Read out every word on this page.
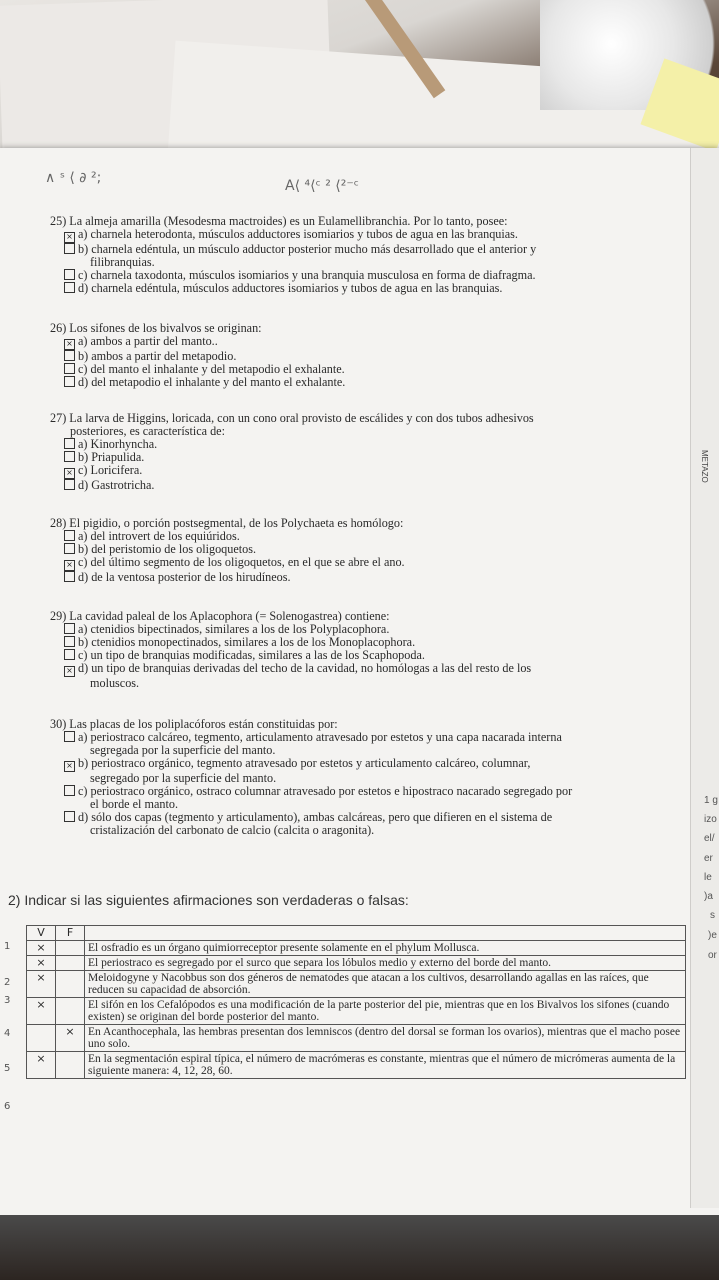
METAZO
∧ ˢ ⟨ ∂ ²;	A⟨ ⁴⟨ᶜ ² ⟨²⁻ᶜ
25) La almeja amarilla (Mesodesma mactroides) es un Eulamellibranchia. Por lo tanto, posee:
× a) charnela heterodonta, músculos adductores isomiarios y tubos de agua en las branquias.
b) charnela edéntula, un músculo adductor posterior mucho más desarrollado que el anterior y
filibranquias.
c) charnela taxodonta, músculos isomiarios y una branquia musculosa en forma de diafragma.
d) charnela edéntula, músculos adductores isomiarios y tubos de agua en las branquias.
26) Los sifones de los bivalvos se originan:
× a) ambos a partir del manto..
b) ambos a partir del metapodio.
c) del manto el inhalante y del metapodio el exhalante.
d) del metapodio el inhalante y del manto el exhalante.
27) La larva de Higgins, loricada, con un cono oral provisto de escálides y con dos tubos adhesivos
posteriores, es característica de:
a) Kinorhyncha.
b) Priapulida.
× c) Loricifera.
d) Gastrotricha.
28) El pigidio, o porción postsegmental, de los Polychaeta es homólogo:
a) del introvert de los equiúridos.
b) del peristomio de los oligoquetos.
× c) del último segmento de los oligoquetos, en el que se abre el ano.
d) de la ventosa posterior de los hirudíneos.
29) La cavidad paleal de los Aplacophora (= Solenogastrea) contiene:
a) ctenidios bipectinados, similares a los de los Polyplacophora.
b) ctenidios monopectinados, similares a los de los Monoplacophora.
c) un tipo de branquias modificadas, similares a las de los Scaphopoda.
× d) un tipo de branquias derivadas del techo de la cavidad, no homólogas a las del resto de los
moluscos.
30) Las placas de los poliplacóforos están constituidas por:
a) periostraco calcáreo, tegmento, articulamento atravesado por estetos y una capa nacarada interna
segregada por la superficie del manto.
× b) periostraco orgánico, tegmento atravesado por estetos y articulamento calcáreo, columnar,
segregado por la superficie del manto.
c) periostraco orgánico, ostraco columnar atravesado por estetos e hipostraco nacarado segregado por
el borde el manto.
d) sólo dos capas (tegmento y articulamento), ambas calcáreas, pero que difieren en el sistema de
cristalización del carbonato de calcio (calcita o aragonita).
2) Indicar si las siguientes afirmaciones son verdaderas o falsas:
V	F	
×		El osfradio es un órgano quimiorreceptor presente solamente en el phylum Mollusca.
×		El periostraco es segregado por el surco que separa los lóbulos medio y externo del borde del manto.
×		Meloidogyne y Nacobbus son dos géneros de nematodes que atacan a los cultivos, desarrollando agallas en las raíces, que reducen su capacidad de absorción.
×		El sifón en los Cefalópodos es una modificación de la parte posterior del pie, mientras que en los Bivalvos los sifones (cuando existen) se originan del borde posterior del manto.
	×	En Acanthocephala, las hembras presentan dos lemniscos (dentro del dorsal se forman los ovarios), mientras que el macho posee uno solo.
×		En la segmentación espiral típica, el número de macrómeras es constante, mientras que el número de micrómeras aumenta de la siguiente manera: 4, 12, 28, 60.
1 g
izo
el/
er
le
)a
s
)e
or
1
2
3
4
5
6
